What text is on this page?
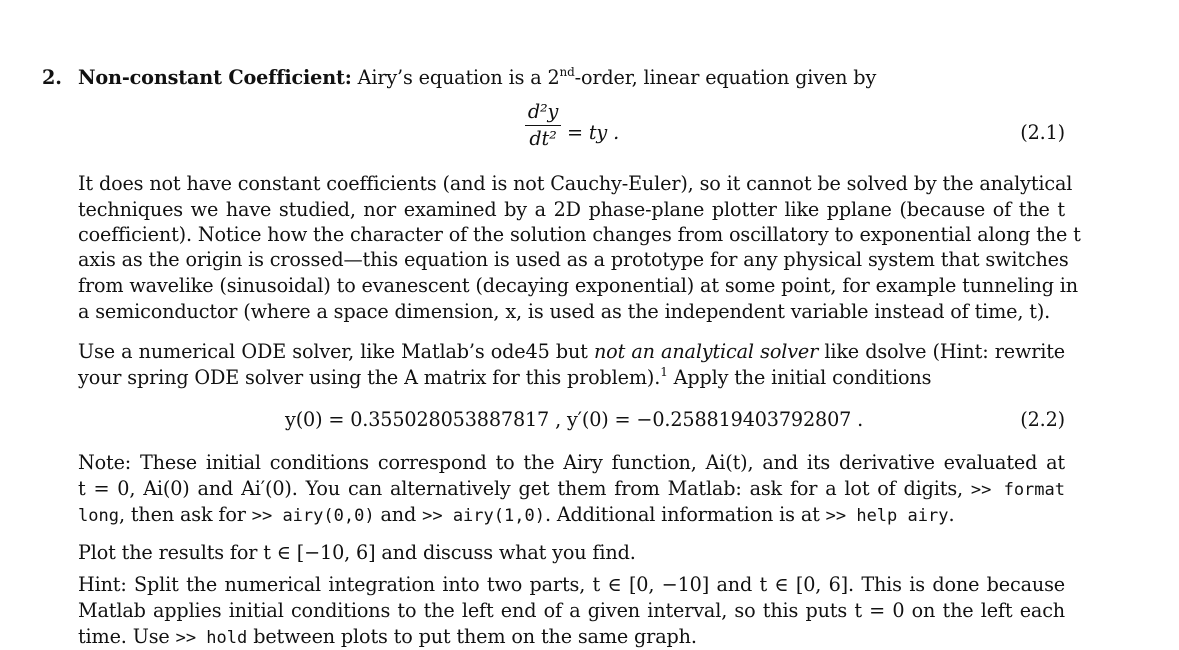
2. Non-constant Coefficient: Airy’s equation is a 2nd-order, linear equation given by
d²y
dt² = ty .	(2.1)
It does not have constant coefficients (and is not Cauchy-Euler), so it cannot be solved by the analytical
techniques we have studied, nor examined by a 2D phase-plane plotter like pplane (because of the t
coefficient). Notice how the character of the solution changes from oscillatory to exponential along the t
axis as the origin is crossed—this equation is used as a prototype for any physical system that switches
from wavelike (sinusoidal) to evanescent (decaying exponential) at some point, for example tunneling in
a semiconductor (where a space dimension, x, is used as the independent variable instead of time, t).
Use a numerical ODE solver, like Matlab’s ode45 but not an analytical solver like dsolve (Hint: rewrite
your spring ODE solver using the A matrix for this problem).$^1$ Apply the initial conditions
y(0) = 0.355028053887817 , y′(0) = −0.258819403792807 .	(2.2)
Note: These initial conditions correspond to the Airy function, Ai(t), and its derivative evaluated at
t = 0, Ai(0) and Ai′(0). You can alternatively get them from Matlab: ask for a lot of digits, >> format
long, then ask for >> airy(0,0) and >> airy(1,0). Additional information is at >> help airy.
Plot the results for t ∈ [−10, 6] and discuss what you find.
Hint: Split the numerical integration into two parts, t ∈ [0, −10] and t ∈ [0, 6]. This is done because
Matlab applies initial conditions to the left end of a given interval, so this puts t = 0 on the left each
time. Use >> hold between plots to put them on the same graph.
